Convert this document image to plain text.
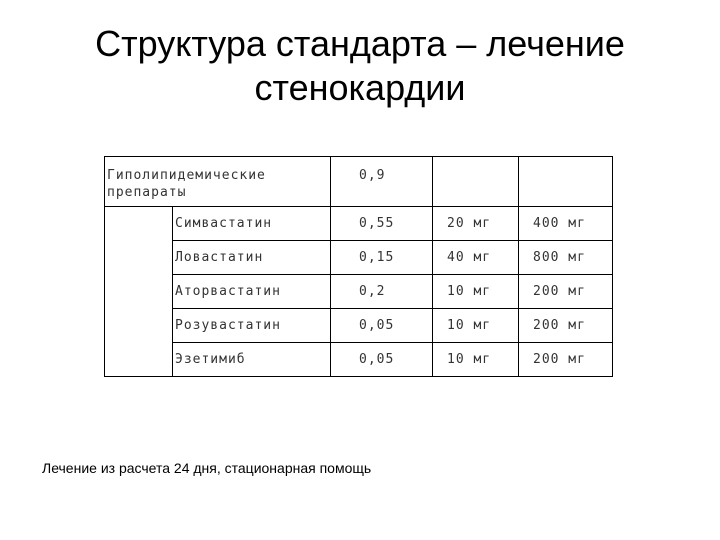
Структура стандарта – лечение
стенокардии
Гиполипидемические препараты		0,9		
	Симвастатин	0,55	20 мг	400 мг
	Ловастатин	0,15	40 мг	800 мг
	Аторвастатин	0,2	10 мг	200 мг
	Розувастатин	0,05	10 мг	200 мг
	Эзетимиб	0,05	10 мг	200 мг
Лечение из расчета 24 дня, стационарная помощь
